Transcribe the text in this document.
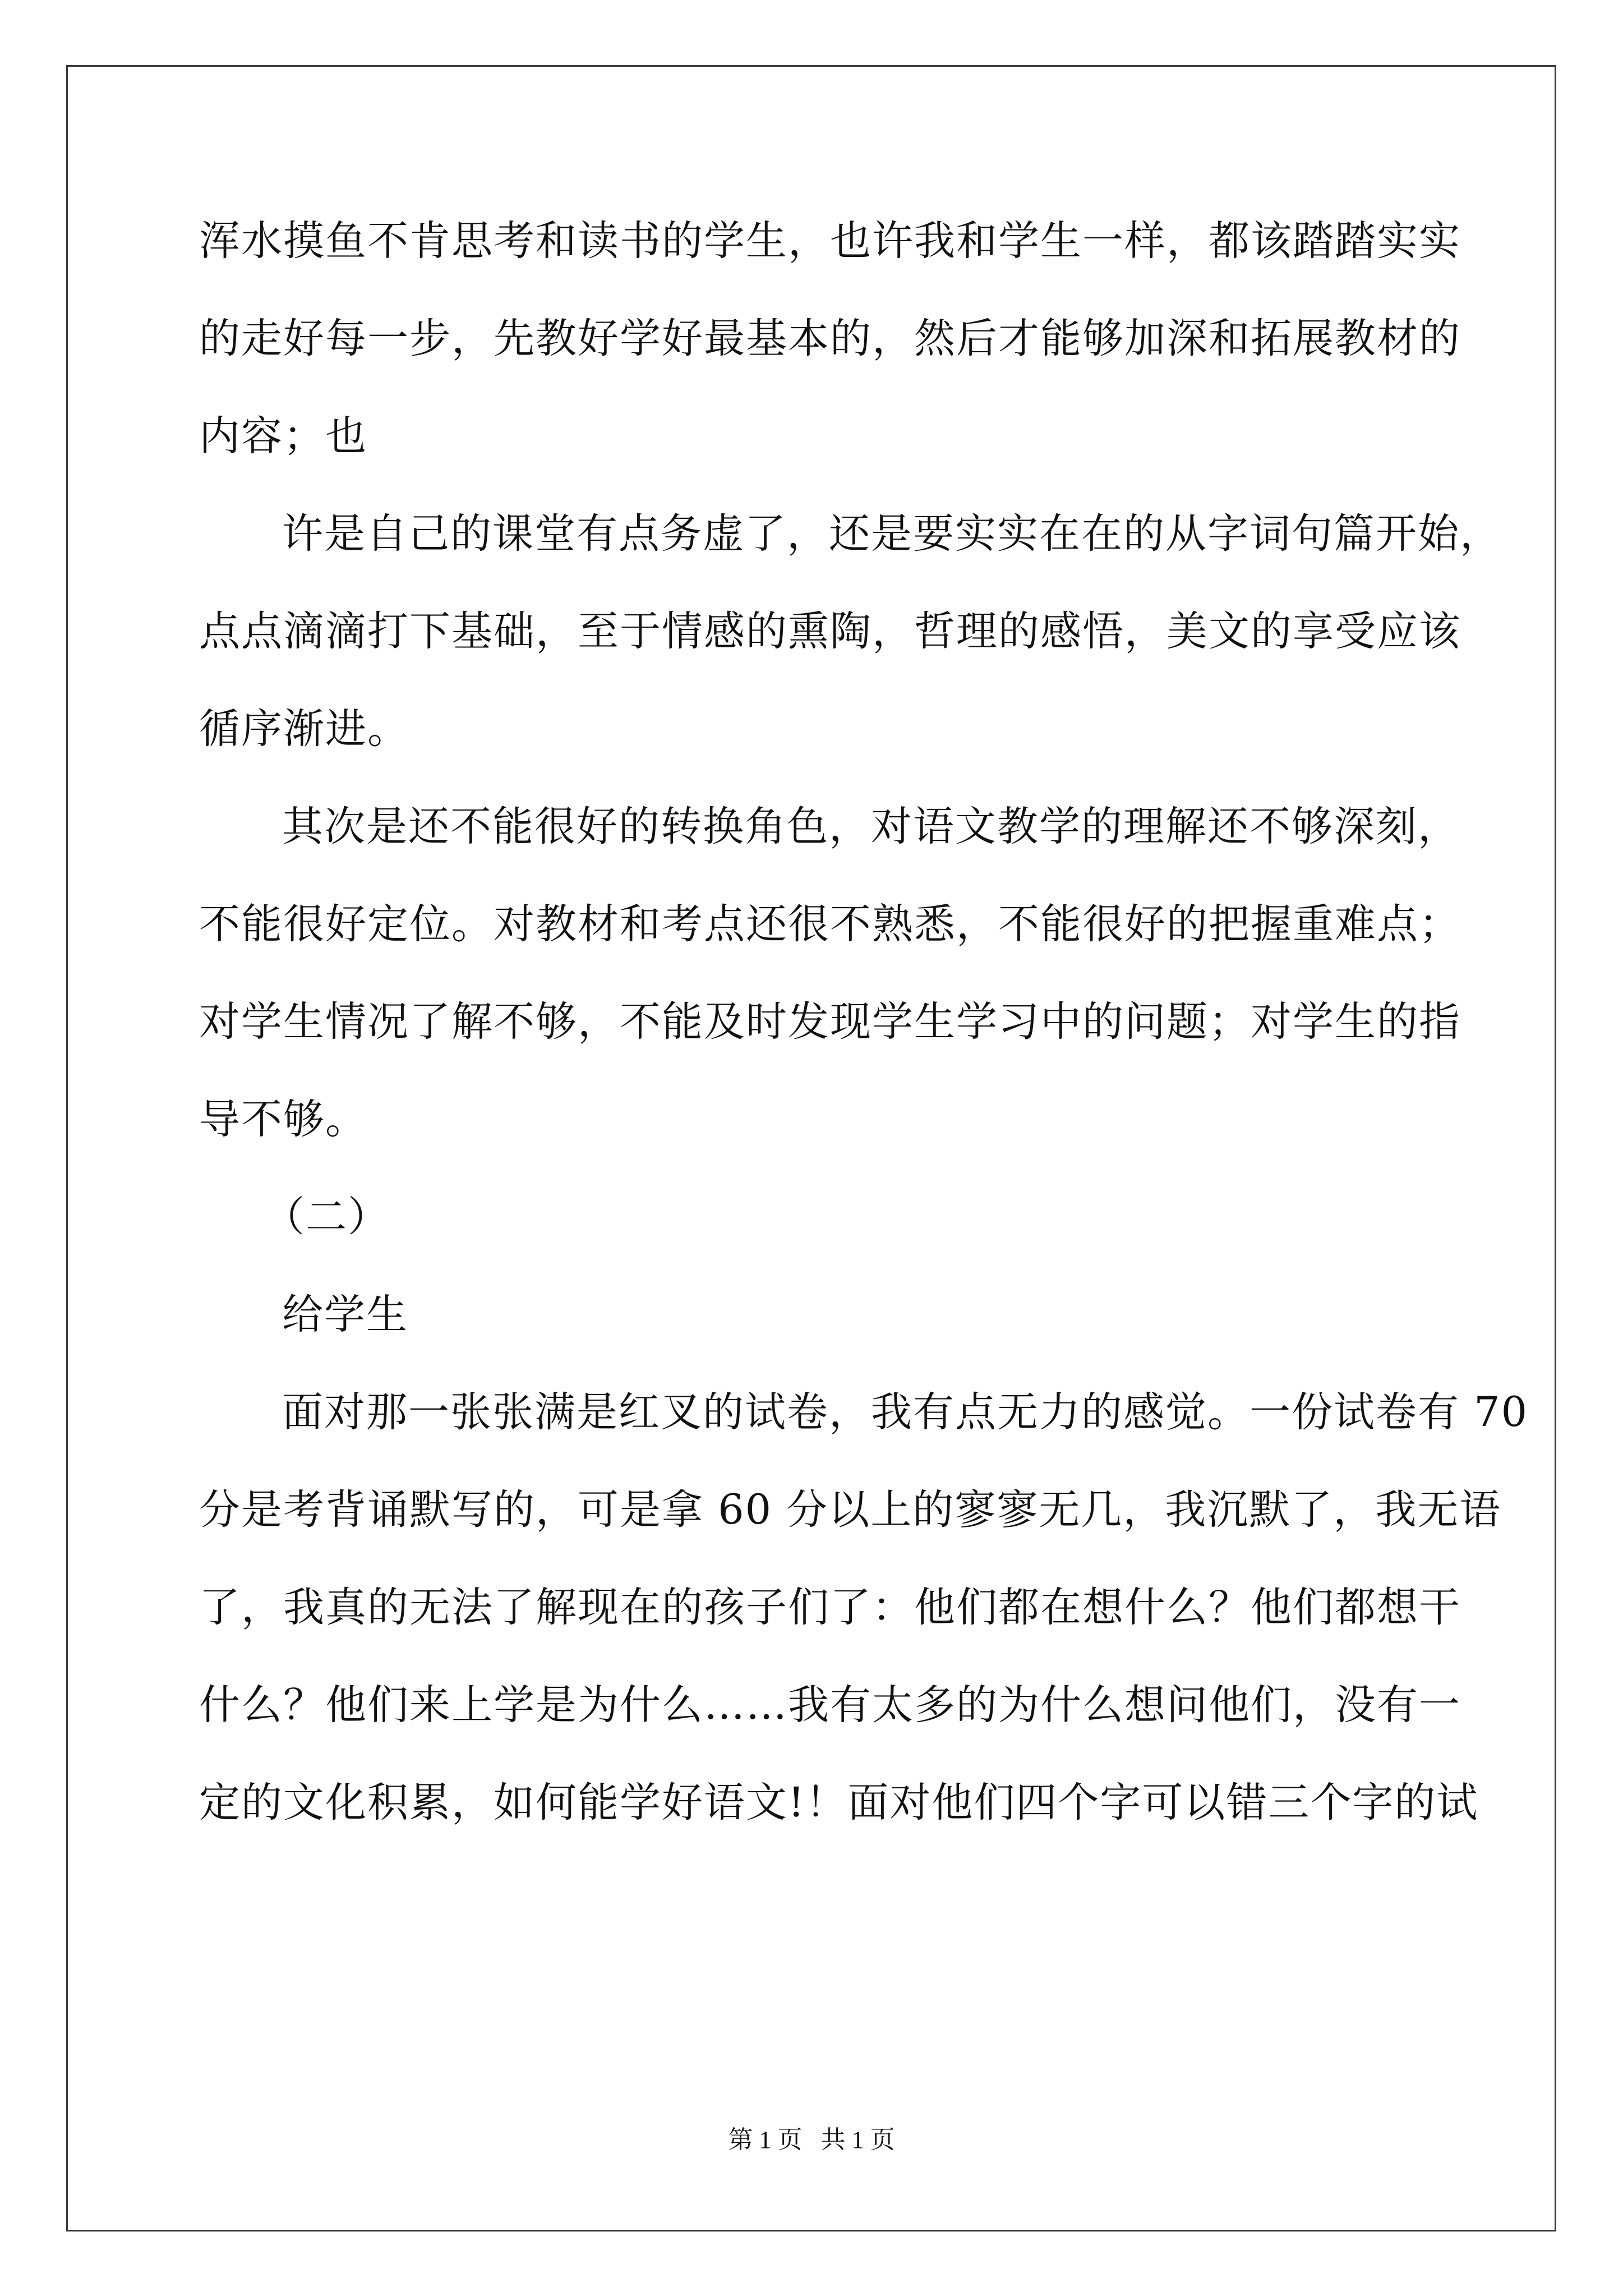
浑水摸鱼不肯思考和读书的学生，也许我和学生一样，都该踏踏实实
的走好每一步，先教好学好最基本的，然后才能够加深和拓展教材的
内容；也
许是自己的课堂有点务虚了，还是要实实在在的从字词句篇开始，
点点滴滴打下基础，至于情感的熏陶，哲理的感悟，美文的享受应该
循序渐进。
其次是还不能很好的转换角色，对语文教学的理解还不够深刻，
不能很好定位。对教材和考点还很不熟悉，不能很好的把握重难点；
对学生情况了解不够，不能及时发现学生学习中的问题；对学生的指
导不够。
（二）
给学生
面对那一张张满是红叉的试卷，我有点无力的感觉。一份试卷有 70
分是考背诵默写的，可是拿 60 分以上的寥寥无几，我沉默了，我无语
了，我真的无法了解现在的孩子们了：他们都在想什么？他们都想干
什么？他们来上学是为什么……我有太多的为什么想问他们，没有一
定的文化积累，如何能学好语文!！面对他们四个字可以错三个字的试
第 1 页   共 1 页
